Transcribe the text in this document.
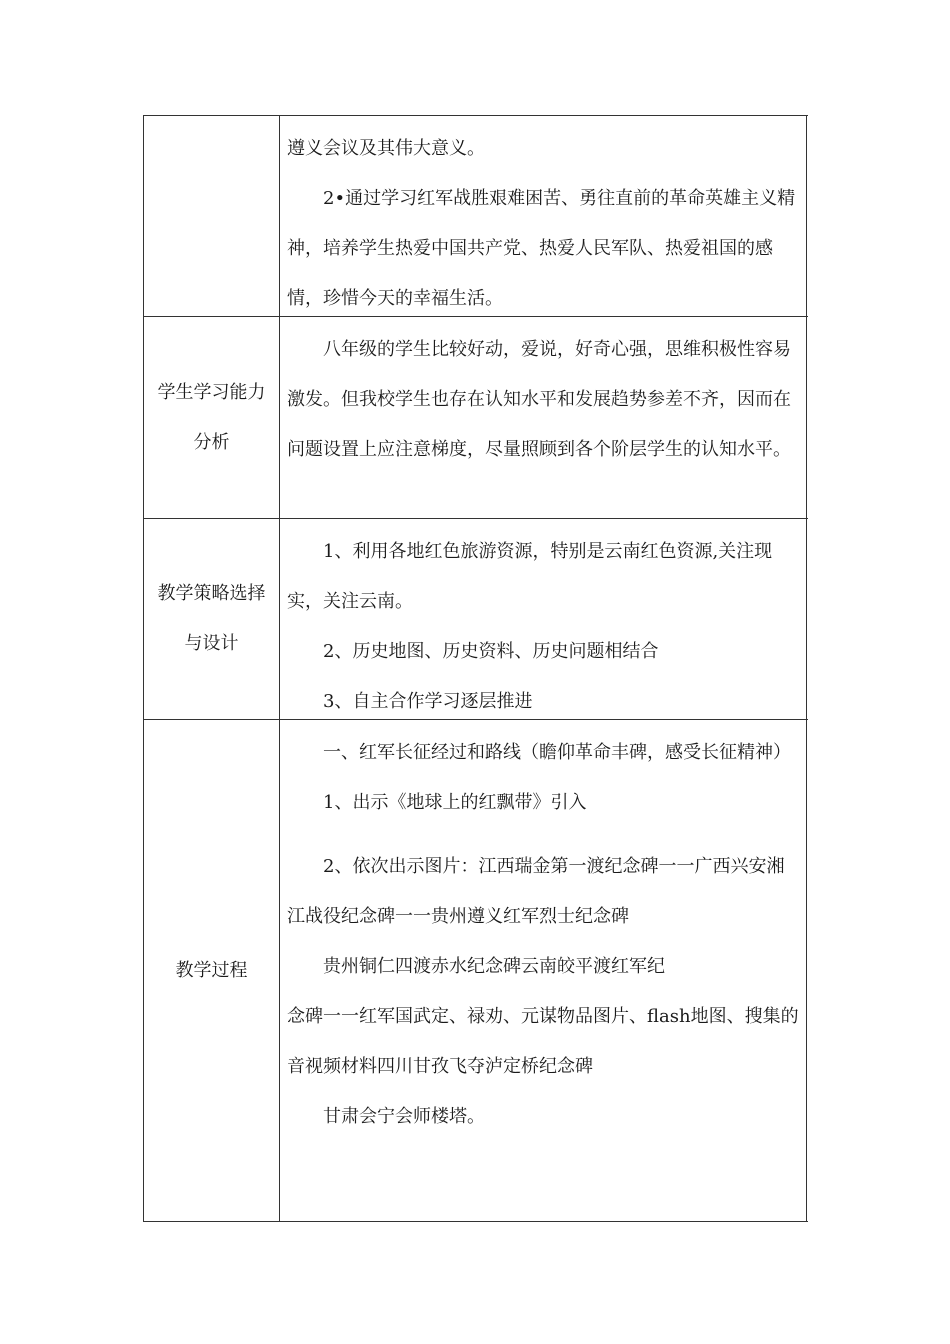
遵义会议及其伟大意义。

2•通过学习红军战胜艰难困苦、勇往直前的革命英雄主义精神，培养学生热爱中国共产党、热爱人民军队、热爱祖国的感情，珍惜今天的幸福生活。

学生学习能力分析

八年级的学生比较好动，爱说，好奇心强，思维积极性容易激发。但我校学生也存在认知水平和发展趋势参差不齐，因而在问题设置上应注意梯度，尽量照顾到各个阶层学生的认知水平。

教学策略选择与设计

1、利用各地红色旅游资源，特别是云南红色资源,关注现实，关注云南。

2、历史地图、历史资料、历史问题相结合

3、自主合作学习逐层推进

教学过程

一、红军长征经过和路线（瞻仰革命丰碑，感受长征精神）

1、出示《地球上的红飘带》引入

2、依次出示图片：江西瑞金第一渡纪念碑一一广西兴安湘江战役纪念碑一一贵州遵义红军烈士纪念碑

贵州铜仁四渡赤水纪念碑云南皎平渡红军纪

念碑一一红军国武定、禄劝、元谋物品图片、flash地图、搜集的音视频材料四川甘孜飞夺泸定桥纪念碑

甘肃会宁会师楼塔。
